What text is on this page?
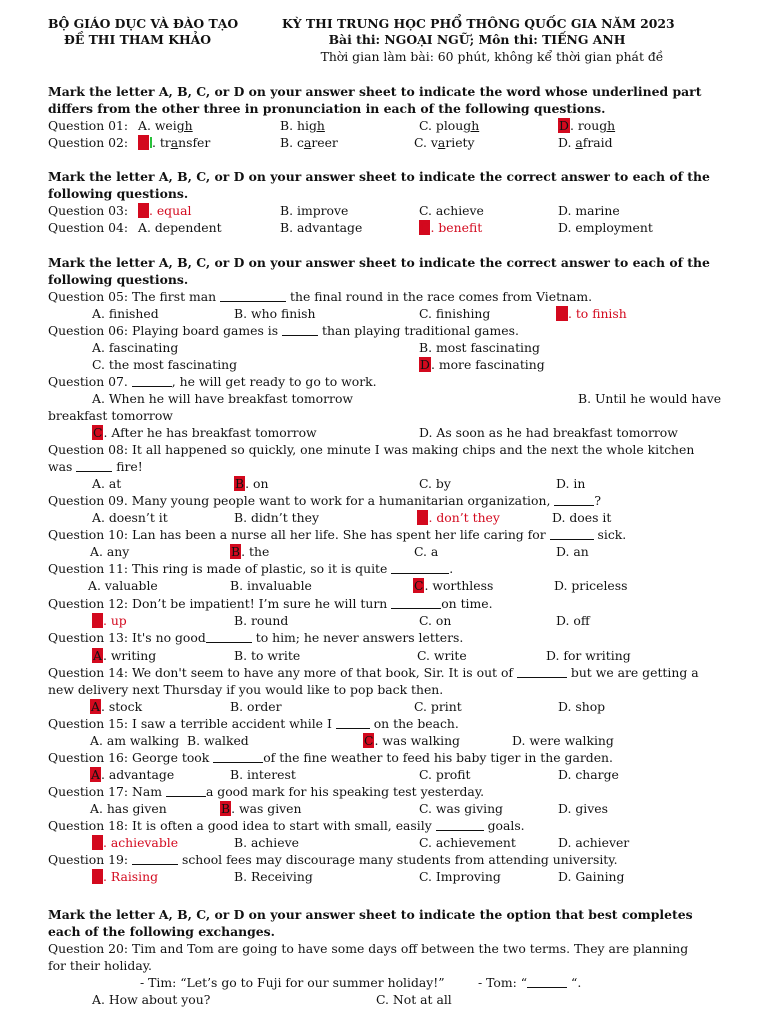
BỘ GIÁO DỤC VÀ ĐÀO TẠO
ĐỀ THI THAM KHẢO
KỲ THI TRUNG HỌC PHỔ THÔNG QUỐC GIA NĂM 2023
Bài thi: NGOẠI NGỮ; Môn thi: TIẾNG ANH
Thời gian làm bài: 60 phút, không kể thời gian phát đề
Mark the letter A, B, C, or D on your answer sheet to indicate the word whose underlined part
differs from the other three in pronunciation in each of the following questions.
Question 01: A. weigh	B. high	C. plough	D. rough
Question 02: A . transfer	B. career	C. variety	D. afraid
Mark the letter A, B, C, or D on your answer sheet to indicate the correct answer to each of the
following questions.
Question 03: A. equal	B. improve	C. achieve	D. marine
Question 04: A. dependent	B. advantage	C. benefit	D. employment
Mark the letter A, B, C, or D on your answer sheet to indicate the correct answer to each of the
following questions.
Question 05: The first man	the final round in the race comes from Vietnam.
A. finished	B. who finish	C. finishing	D. to finish
Question 06: Playing board games is	than playing traditional games.
A. fascinating	B. most fascinating
C. the most fascinating	D. more fascinating
Question 07.	, he will get ready to go to work.
A. When he will have breakfast tomorrow	B. Until he would have
breakfast tomorrow
C. After he has breakfast tomorrow	D. As soon as he had breakfast tomorrow
Question 08: It all happened so quickly, one minute I was making chips and the next the whole kitchen
was	fire!
A. at	B. on	C. by	D. in
Question 09. Many young people want to work for a humanitarian organization,	?
A. doesn’t it	B. didn’t they	C. don’t they	D. does it
Question 10: Lan has been a nurse all her life. She has spent her life caring for	sick.
A. any	B. the	C. a	D. an
Question 11: This ring is made of plastic, so it is quite	.
A. valuable	B. invaluable	C. worthless	D. priceless
Question 12: Don’t be impatient! I’m sure he will turn	on time.
A. up	B. round	C. on	D. off
Question 13: It's no good	to him; he never answers letters.
A. writing	B. to write	C. write	D. for writing
Question 14: We don't seem to have any more of that book, Sir. It is out of	but we are getting a
new delivery next Thursday if you would like to pop back then.
A. stock	B. order	C. print	D. shop
Question 15: I saw a terrible accident while I	on the beach.
A. am walking B. walked	C. was walking	D. were walking
Question 16: George took	of the fine weather to feed his baby tiger in the garden.
A. advantage	B. interest	C. profit	D. charge
Question 17: Nam	a good mark for his speaking test yesterday.
A. has given	B. was given	C. was giving	D. gives
Question 18: It is often a good idea to start with small, easily	goals.
A. achievable	B. achieve	C. achievement	D. achiever
Question 19:	school fees may discourage many students from attending university.
A. Raising	B. Receiving	C. Improving	D. Gaining
Mark the letter A, B, C, or D on your answer sheet to indicate the option that best completes
each of the following exchanges.
Question 20: Tim and Tom are going to have some days off between the two terms. They are planning
for their holiday.
- Tim: “Let’s go to Fuji for our summer holiday!”	- Tom: “	“.
A. How about you?	C. Not at all
